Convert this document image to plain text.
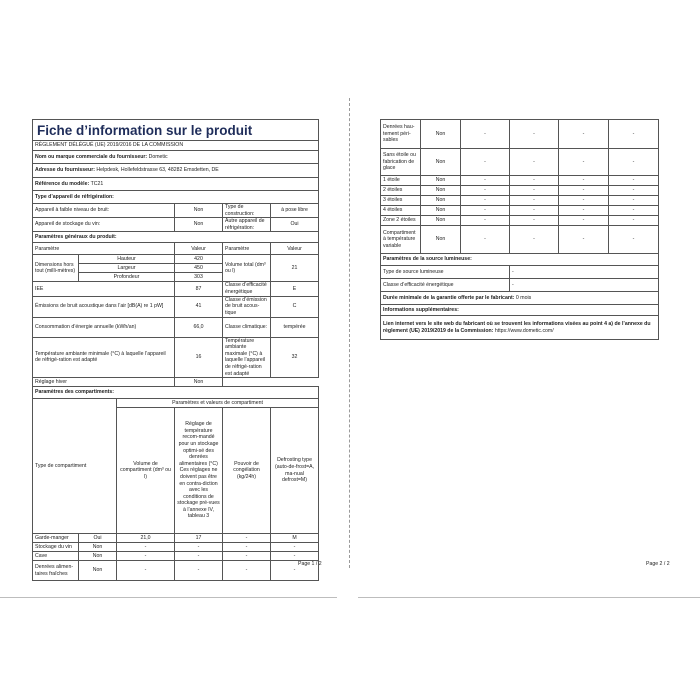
Fiche d’information sur le produit					
RÈGLEMENT DÉLÉGUÉ (UE) 2019/2016 DE LA COMMISSION					
Nom ou marque commerciale du fournisseur: Dometic					
Adresse du fournisseur: Helpdesk, Hollefeldstrasse 63, 48282 Emsdetten, DE					
Référence du modèle: TC21					
Type d’appareil de réfrigération:					
Appareil à faible niveau de bruit:			Non	Type de construction:	à pose libre
Appareil de stockage du vin:			Non	Autre appareil de réfrigération:	Oui
Paramètres généraux du produit:					
Paramètre			Valeur	Paramètre	Valeur
Dimensions hors tout (milli-mètres)	Hauteur		420	Volume total (dm³ ou l)	21
	Largeur		450		
	Profondeur		303		
IEE			87	Classe d’efficacité énergétique	E
Émissions de bruit acoustique dans l’air [dB(A) re 1 pW]			41	Classe d’émission de bruit acous-tique	C
Consommation d’énergie annuelle (kWh/an)			66,0	Classe climatique:	tempérée
Température ambiante minimale (°C) à laquelle l’appareil de réfrigé-ration est adapté			16	Température ambiante maximale (°C) à laquelle l’appareil de réfrigé-ration est adapté	32
Réglage hiver			Non		
Paramètres des compartiments:					
Type de compartiment		Paramètres et valeurs de compartiment			
		Volume de compartiment (dm³ ou l)	Réglage de température recom-mandé pour un stockage optimi-sé des denrées alimentaires (°C) Ces réglages ne doivent pas être en contra-diction avec les conditions de stockage pré-vues à l’annexe IV, tableau 3	Pouvoir de congélation (kg/24h)	Defrosting type (auto-de-frost=A, ma-nual defrost=M)
Garde-manger	Oui	21,0	17	-	M
Stockage du vin	Non	-	-	-	-
Cave	Non	-	-	-	-
Denrées alimen-taires fraîches	Non	-	-	-	-
Page 1 / 2
Denrées hau-tement péri-sables	Non	-	-	-	-
Sans étoile ou fabrication de glace	Non	-	-	-	-
1 étoile	Non	-	-	-	-
2 étoiles	Non	-	-	-	-
3 étoiles	Non	-	-	-	-
4 étoiles	Non	-	-	-	-
Zone 2 étoiles	Non	-	-	-	-
Compartiment à température variable	Non	-	-	-	-
Paramètres de la source lumineuse:					
Type de source lumineuse			-		
Classe d’efficacité énergétique			-		
Durée minimale de la garantie offerte par le fabricant: 0 mois					
Informations supplémentaires:					
Lien internet vers le site web du fabricant où se trouvent les informations visées au point 4 a) de l’annexe du règlement (UE) 2019/2019 de la Commission: https://www.dometic.com/					
Page 2 / 2
